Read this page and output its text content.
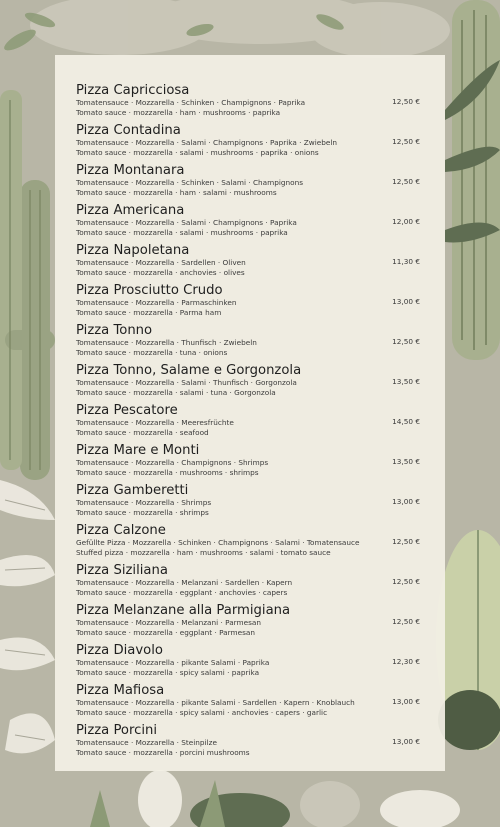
Pizza Capricciosa
Tomatensauce · Mozzarella · Schinken · Champignons · Paprika
Tomato sauce · mozzarella · ham · mushrooms · paprika
12,50 €
Pizza Contadina
Tomatensauce · Mozzarella · Salami · Champignons · Paprika · Zwiebeln
Tomato sauce · mozzarella · salami · mushrooms · paprika · onions
12,50 €
Pizza Montanara
Tomatensauce · Mozzarella · Schinken · Salami · Champignons
Tomato sauce · mozzarella · ham · salami · mushrooms
12,50 €
Pizza Americana
Tomatensauce · Mozzarella · Salami · Champignons · Paprika
Tomato sauce · mozzarella · salami · mushrooms · paprika
12,00 €
Pizza Napoletana
Tomatensauce · Mozzarella · Sardellen · Oliven
Tomato sauce · mozzarella · anchovies · olives
11,30 €
Pizza Prosciutto Crudo
Tomatensauce · Mozzarella · Parmaschinken
Tomato sauce · mozzarella · Parma ham
13,00 €
Pizza Tonno
Tomatensauce · Mozzarella · Thunfisch · Zwiebeln
Tomato sauce · mozzarella · tuna · onions
12,50 €
Pizza Tonno, Salame e Gorgonzola
Tomatensauce · Mozzarella · Salami · Thunfisch · Gorgonzola
Tomato sauce · mozzarella · salami · tuna · Gorgonzola
13,50 €
Pizza Pescatore
Tomatensauce · Mozzarella · Meeresfrüchte
Tomato sauce · mozzarella · seafood
14,50 €
Pizza Mare e Monti
Tomatensauce · Mozzarella · Champignons · Shrimps
Tomato sauce · mozzarella · mushrooms · shrimps
13,50 €
Pizza Gamberetti
Tomatensauce · Mozzarella · Shrimps
Tomato sauce · mozzarella · shrimps
13,00 €
Pizza Calzone
Gefüllte Pizza · Mozzarella · Schinken · Champignons · Salami · Tomatensauce
Stuffed pizza · mozzarella · ham · mushrooms · salami · tomato sauce
12,50 €
Pizza Siziliana
Tomatensauce · Mozzarella · Melanzani · Sardellen · Kapern
Tomato sauce · mozzarella · eggplant · anchovies · capers
12,50 €
Pizza Melanzane alla Parmigiana
Tomatensauce · Mozzarella · Melanzani · Parmesan
Tomato sauce · mozzarella · eggplant · Parmesan
12,50 €
Pizza Diavolo
Tomatensauce · Mozzarella · pikante Salami · Paprika
Tomato sauce · mozzarella · spicy salami · paprika
12,30 €
Pizza Mafiosa
Tomatensauce · Mozzarella · pikante Salami · Sardellen · Kapern · Knoblauch
Tomato sauce · mozzarella · spicy salami · anchovies · capers · garlic
13,00 €
Pizza Porcini
Tomatensauce · Mozzarella · Steinpilze
Tomato sauce · mozzarella · porcini mushrooms
13,00 €
